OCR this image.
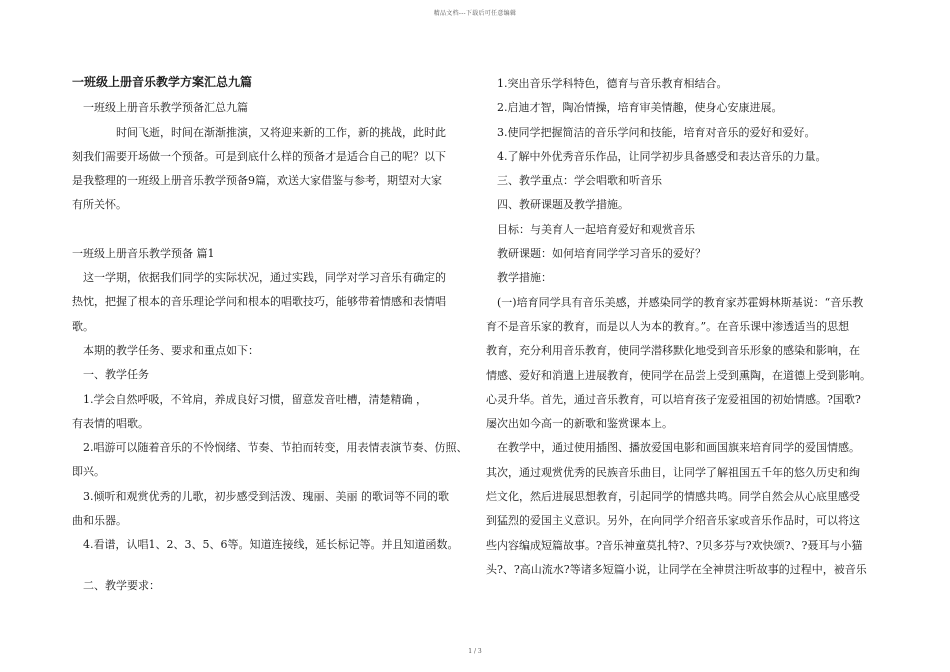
精品文档---下载后可任意编辑

一班级上册音乐教学方案汇总九篇

一班级上册音乐教学预备汇总九篇

时间飞逝，时间在渐渐推演，又将迎来新的工作，新的挑战，此时此

刻我们需要开场做一个预备。可是到底什么样的预备才是适合自己的呢？以下

是我整理的一班级上册音乐教学预备9篇，欢送大家借鉴与参考，期望对大家

有所关怀。

一班级上册音乐教学预备 篇1

这一学期，依据我们同学的实际状况，通过实践，同学对学习音乐有确定的

热忱，把握了根本的音乐理论学问和根本的唱歌技巧，能够带着情感和表情唱

歌。

本期的教学任务、要求和重点如下：

一、教学任务

1.学会自然呼吸，不耸肩，养成良好习惯，留意发音吐槽，清楚精确 ，

有表情的唱歌。

2.唱游可以随着音乐的不怜悯绪、节奏、节拍而转变，用表情表演节奏、仿照、

即兴。

3.倾听和观赏优秀的儿歌，初步感受到活泼、瑰丽、美丽 的歌词等不同的歌

曲和乐器。

4.看谱，认唱1、2、3、5、6等。知道连接线，延长标记等。并且知道函数。

二、教学要求：

1.突出音乐学科特色，德育与音乐教育相结合。

2.启迪才智，陶冶情操，培育审美情趣，使身心安康进展。

3.使同学把握简洁的音乐学问和技能，培育对音乐的爱好和爱好。

4.了解中外优秀音乐作品，让同学初步具备感受和表达音乐的力量。

三、教学重点：学会唱歌和听音乐

四、教研课题及教学措施。

目标：与美育人一起培育爱好和观赏音乐

教研课题：如何培育同学学习音乐的爱好？

教学措施：

(一)培育同学具有音乐美感，并感染同学的教育家苏霍姆林斯基说：“音乐教

育不是音乐家的教育，而是以人为本的教育。”。在音乐课中渗透适当的思想

教育，充分利用音乐教育，使同学潜移默化地受到音乐形象的感染和影响，在

情感、爱好和消遣上进展教育，使同学在品尝上受到熏陶，在道德上受到影响。

心灵升华。首先，通过音乐教育，可以培育孩子宠爱祖国的初始情感。?国歌?

屡次出如今高一的新歌和鉴赏课本上。

在教学中，通过使用插图、播放爱国电影和画国旗来培育同学的爱国情感。

其次，通过观赏优秀的民族音乐曲目，让同学了解祖国五千年的悠久历史和绚

烂文化，然后进展思想教育，引起同学的情感共鸣。同学自然会从心底里感受

到猛烈的爱国主义意识。另外，在向同学介绍音乐家或音乐作品时，可以将这

些内容编成短篇故事。?音乐神童莫扎特?、?贝多芬与?欢快颂?、?聂耳与小猫

头?、?高山流水?等诸多短篇小说，让同学在全神贯注听故事的过程中，被音乐

1 / 3
